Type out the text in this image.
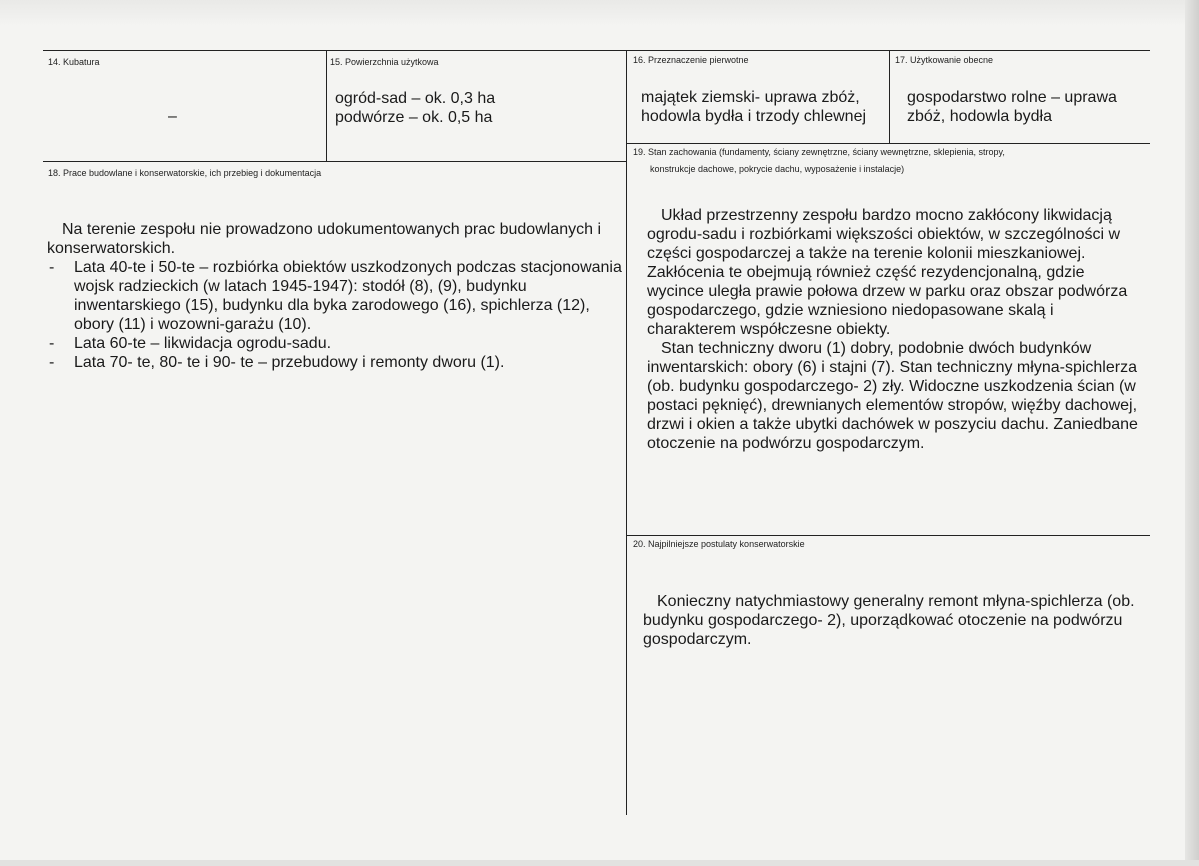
14. Kubatura
–
15. Powierzchnia użytkowa
ogród-sad – ok. 0,3 ha
podwórze – ok. 0,5 ha
16. Przeznaczenie pierwotne
majątek ziemski- uprawa zbóż,
hodowla bydła i trzody chlewnej
17. Użytkowanie obecne
gospodarstwo rolne – uprawa
zbóż, hodowla bydła
18. Prace budowlane i konserwatorskie, ich przebieg i dokumentacja

Na terenie zespołu nie prowadzono udokumentowanych prac budowlanych i konserwatorskich.

- Lata 40-te i 50-te – rozbiórka obiektów uszkodzonych podczas stacjonowania wojsk radzieckich (w latach 1945-1947): stodół (8), (9), budynku inwentarskiego (15), budynku dla byka zarodowego (16), spichlerza (12), obory (11) i wozowni-garażu (10).
- Lata 60-te – likwidacja ogrodu-sadu.
- Lata 70- te, 80- te i 90- te – przebudowy i remonty dworu (1).
19. Stan zachowania (fundamenty, ściany zewnętrzne, ściany wewnętrzne, sklepienia, stropy,
konstrukcje dachowe, pokrycie dachu, wyposażenie i instalacje)

Układ przestrzenny zespołu bardzo mocno zakłócony likwidacją ogrodu-sadu i rozbiórkami większości obiektów, w szczególności w części gospodarczej a także na terenie kolonii mieszkaniowej. Zakłócenia te obejmują również część rezydencjonalną, gdzie wycince uległa prawie połowa drzew w parku oraz obszar podwórza gospodarczego, gdzie wzniesiono niedopasowane skalą i charakterem współczesne obiekty.

Stan techniczny dworu (1) dobry, podobnie dwóch budynków inwentarskich: obory (6) i stajni (7). Stan techniczny młyna-spichlerza (ob. budynku gospodarczego- 2) zły. Widoczne uszkodzenia ścian (w postaci pęknięć), drewnianych elementów stropów, więźby dachowej, drzwi i okien a także ubytki dachówek w poszyciu dachu. Zaniedbane otoczenie na podwórzu gospodarczym.

20. Najpilniejsze postulaty konserwatorskie

Konieczny natychmiastowy generalny remont młyna-spichlerza (ob. budynku gospodarczego- 2), uporządkować otoczenie na podwórzu gospodarczym.
